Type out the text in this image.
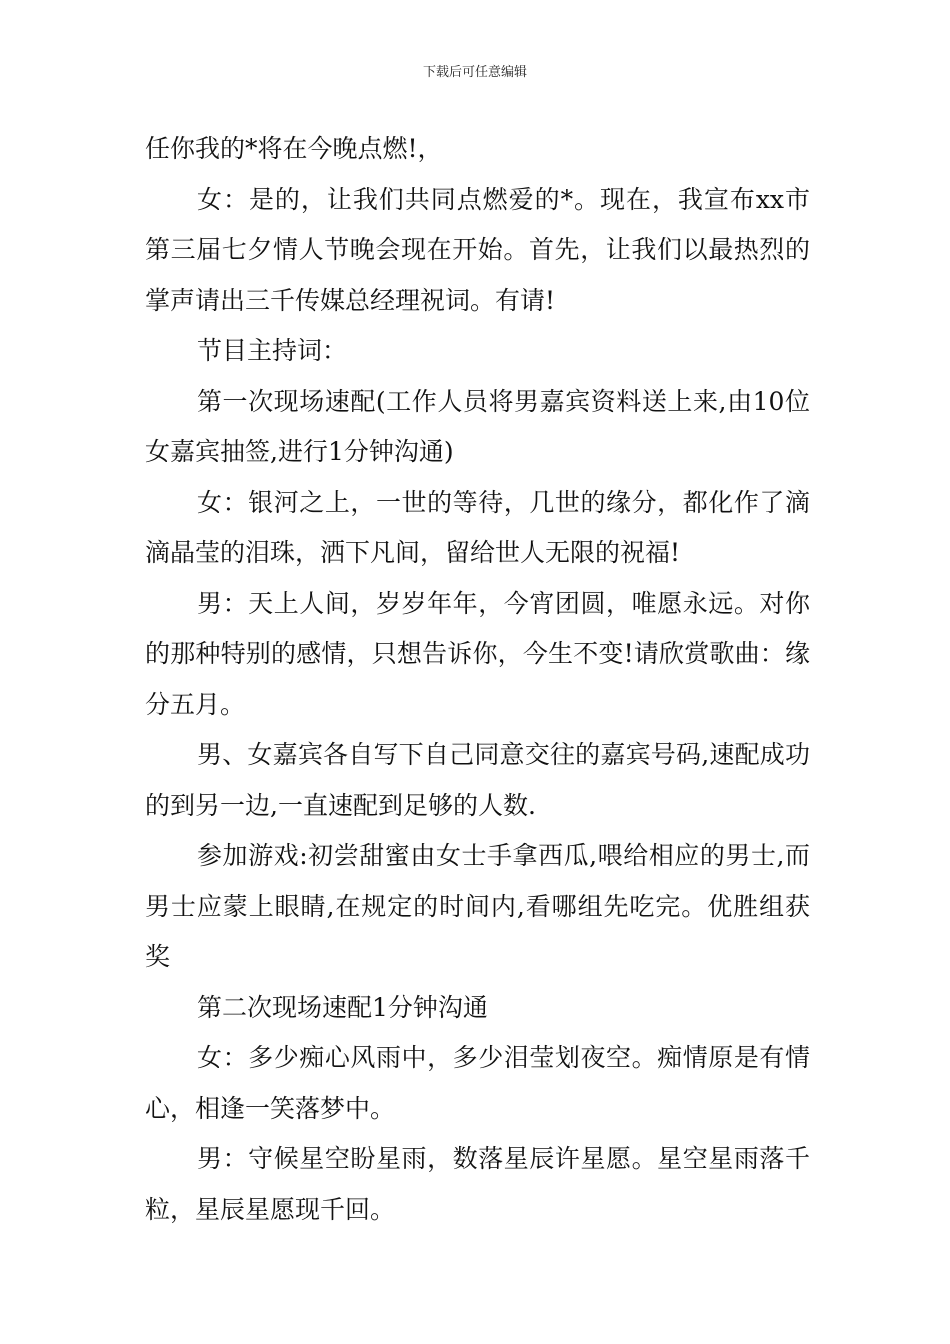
下载后可任意编辑

任你我的*将在今晚点燃!，

女：是的，让我们共同点燃爱的*。现在，我宣布xx市第三届七夕情人节晚会现在开始。首先，让我们以最热烈的掌声请出三千传媒总经理祝词。有请!

节目主持词：

第一次现场速配(工作人员将男嘉宾资料送上来,由10位女嘉宾抽签,进行1分钟沟通)

女：银河之上，一世的等待，几世的缘分，都化作了滴滴晶莹的泪珠，洒下凡间，留给世人无限的祝福!

男：天上人间，岁岁年年，今宵团圆，唯愿永远。对你的那种特别的感情，只想告诉你，今生不变!请欣赏歌曲：缘分五月。

男、女嘉宾各自写下自己同意交往的嘉宾号码,速配成功的到另一边,一直速配到足够的人数.

参加游戏:初尝甜蜜由女士手拿西瓜,喂给相应的男士,而男士应蒙上眼睛,在规定的时间内,看哪组先吃完。优胜组获奖

第二次现场速配1分钟沟通

女：多少痴心风雨中，多少泪莹划夜空。痴情原是有情心，相逢一笑落梦中。

男：守候星空盼星雨，数落星辰许星愿。星空星雨落千粒，星辰星愿现千回。
